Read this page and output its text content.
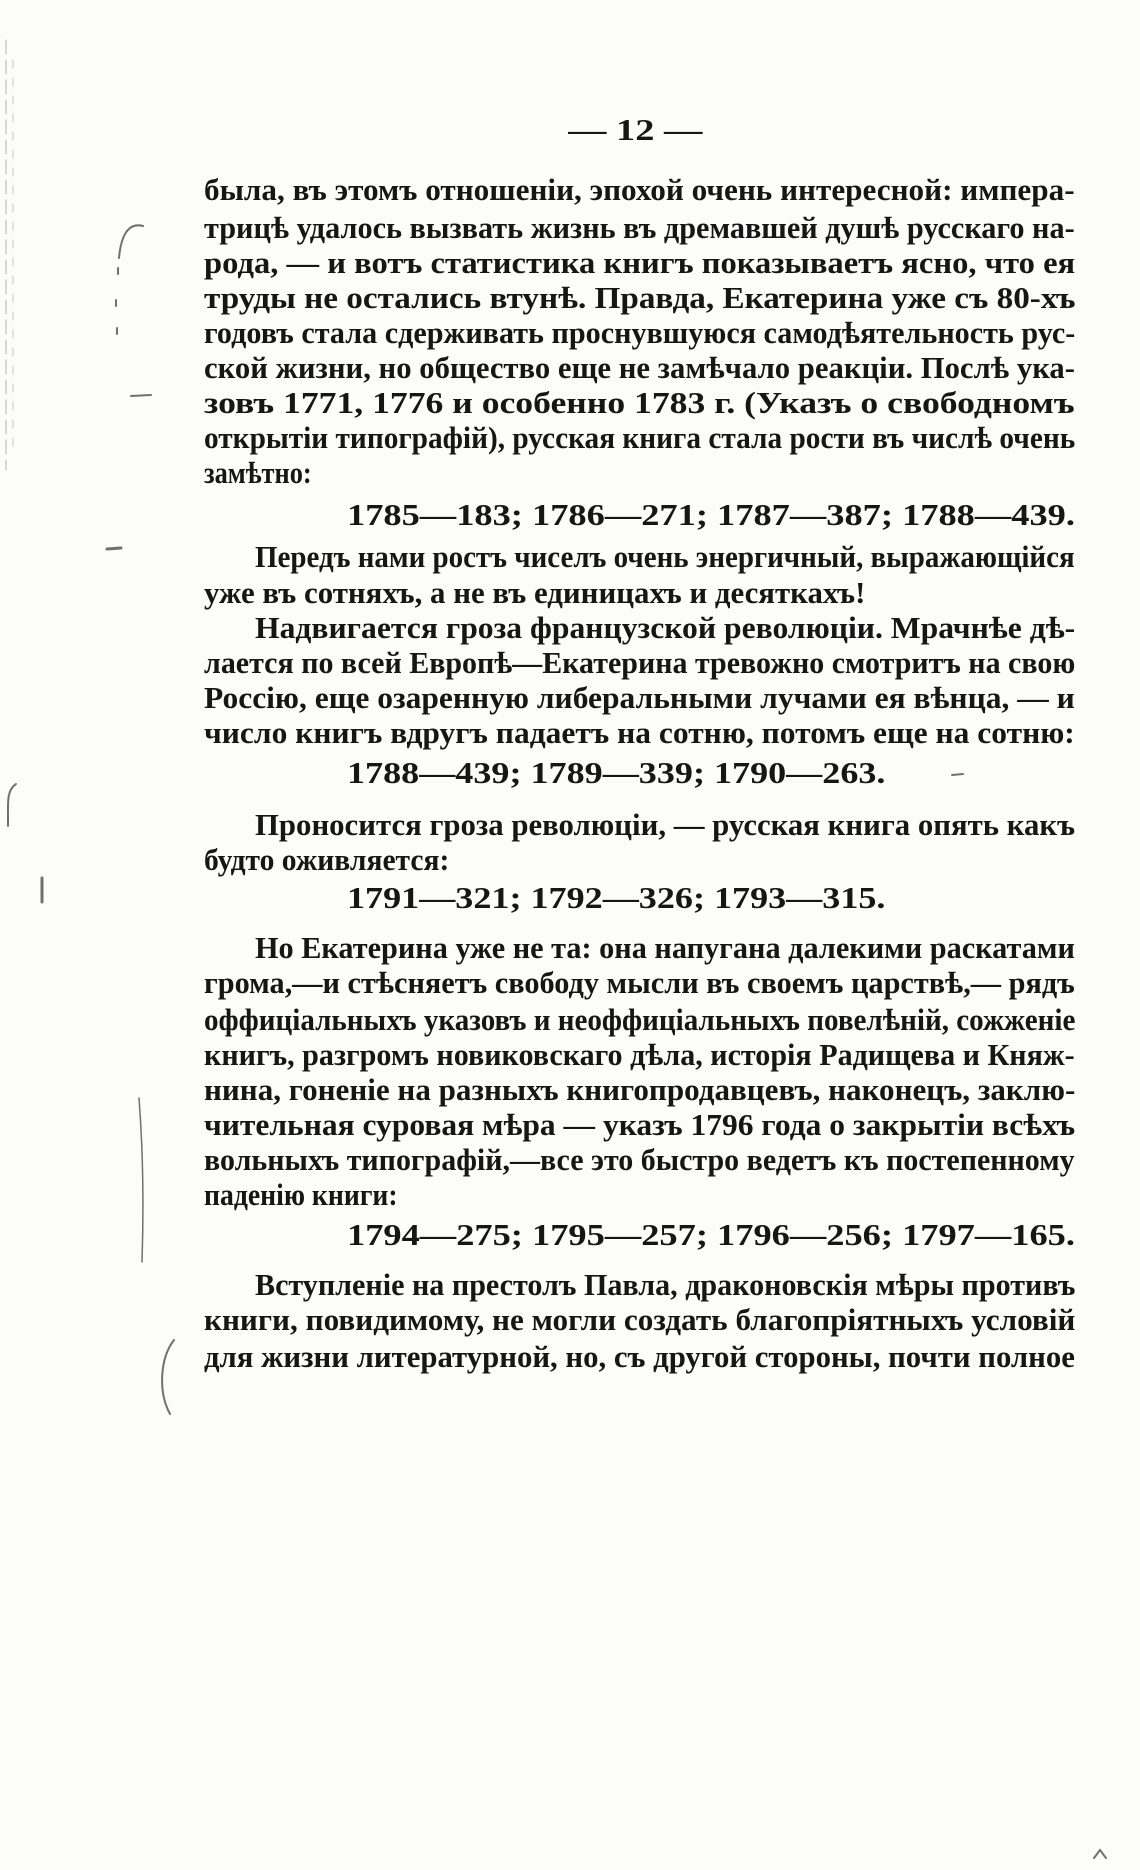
— 12 —
была, въ этомъ отношеніи, эпохой очень интересной: импера-
трицѣ удалось вызвать жизнь въ дремавшей душѣ русскаго на-
рода, — и вотъ статистика книгъ показываетъ ясно, что ея
труды не остались втунѣ. Правда, Екатерина уже съ 80-хъ
годовъ стала сдерживать проснувшуюся самодѣятельность рус-
ской жизни, но общество еще не замѣчало реакціи. Послѣ ука-
зовъ 1771, 1776 и особенно 1783 г. (Указъ о свободномъ
открытіи типографій), русская книга стала рости въ числѣ очень
замѣтно:
1785—183; 1786—271; 1787—387; 1788—439.
Передъ нами ростъ чиселъ очень энергичный, выражающійся
уже въ сотняхъ, а не въ единицахъ и десяткахъ!
Надвигается гроза французской революціи. Мрачнѣе дѣ-
лается по всей Европѣ—Екатерина тревожно смотритъ на свою
Россію, еще озаренную либеральными лучами ея вѣнца, — и
число книгъ вдругъ падаетъ на сотню, потомъ еще на сотню:
1788—439; 1789—339; 1790—263.
Проносится гроза революціи, — русская книга опять какъ
будто оживляется:
1791—321; 1792—326; 1793—315.
Но Екатерина уже не та: она напугана далекими раскатами
грома,—и стѣсняетъ свободу мысли въ своемъ царствѣ,— рядъ
оффиціальныхъ указовъ и неоффиціальныхъ повелѣній, сожженіе
книгъ, разгромъ новиковскаго дѣла, исторія Радищева и Княж-
нина, гоненіе на разныхъ книгопродавцевъ, наконецъ, заклю-
чительная суровая мѣра — указъ 1796 года о закрытіи всѣхъ
вольныхъ типографій,—все это быстро ведетъ къ постепенному
паденію книги:
1794—275; 1795—257; 1796—256; 1797—165.
Вступленіе на престолъ Павла, драконовскія мѣры противъ
книги, повидимому, не могли создать благопріятныхъ условій
для жизни литературной, но, съ другой стороны, почти полное
